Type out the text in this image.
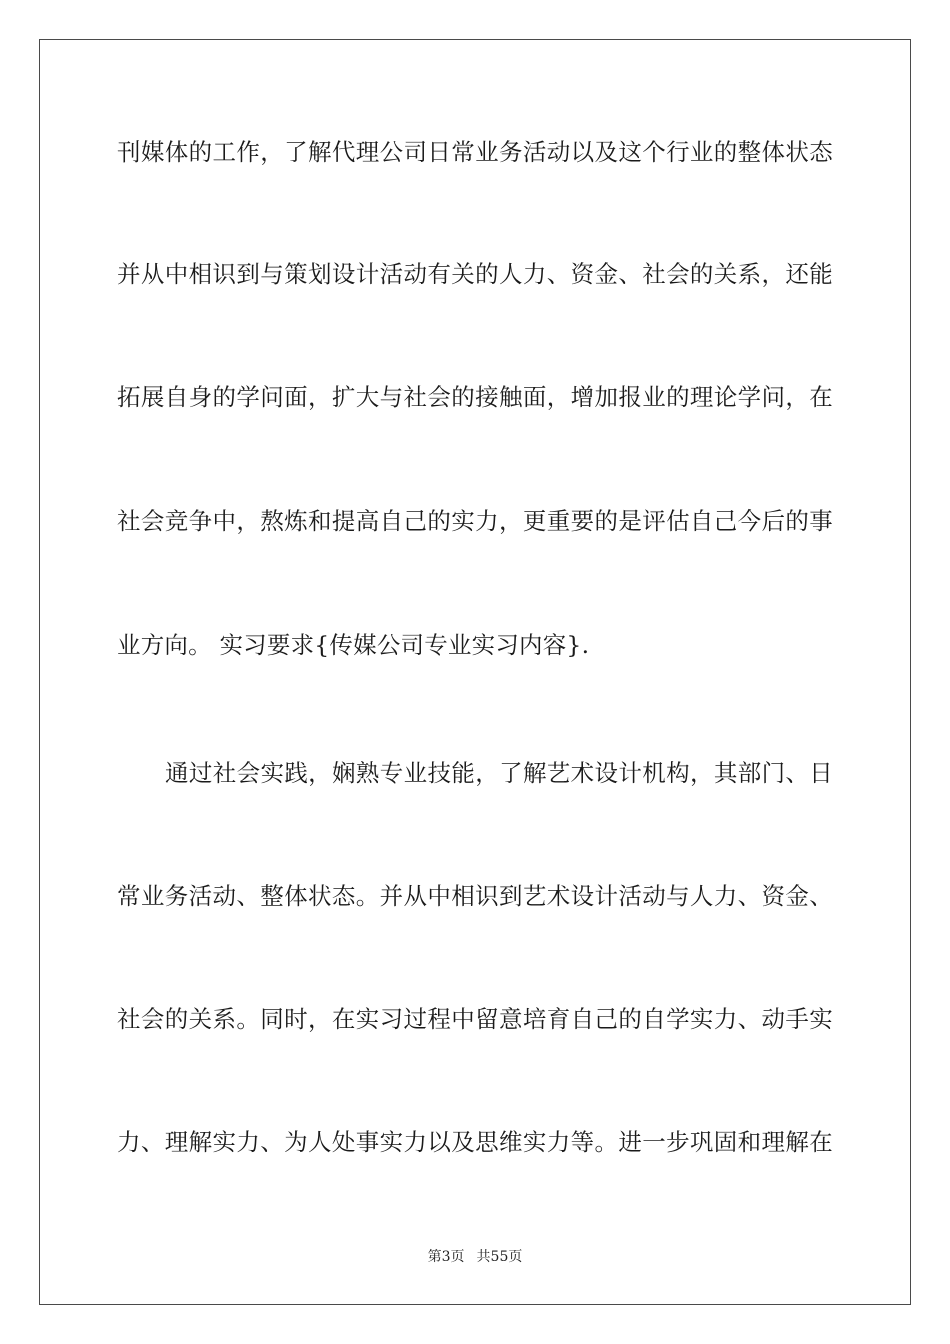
刊媒体的工作，了解代理公司日常业务活动以及这个行业的整体状态
并从中相识到与策划设计活动有关的人力、资金、社会的关系，还能
拓展自身的学问面，扩大与社会的接触面，增加报业的理论学问，在
社会竞争中，熬炼和提高自己的实力，更重要的是评估自己今后的事
业方向。 实习要求{传媒公司专业实习内容}.
通过社会实践，娴熟专业技能，了解艺术设计机构，其部门、日
常业务活动、整体状态。并从中相识到艺术设计活动与人力、资金、
社会的关系。同时，在实习过程中留意培育自己的自学实力、动手实
力、理解实力、为人处事实力以及思维实力等。进一步巩固和理解在
第3页 共55页
